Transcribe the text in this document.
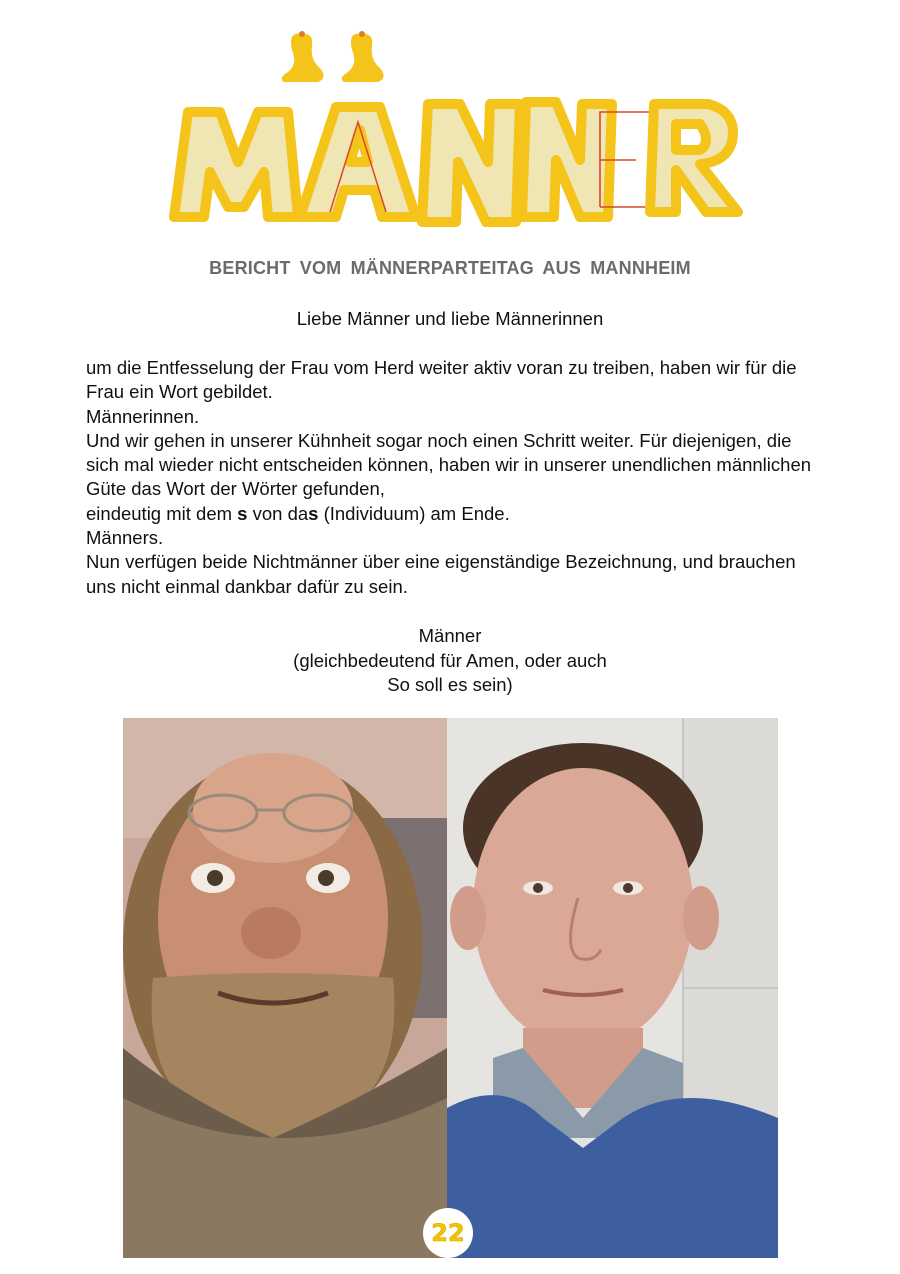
BERICHT VOM MÄNNERPARTEITAG AUS MANNHEIM
Liebe Männer und liebe Männerinnen

um die Entfesselung der Frau vom Herd weiter aktiv voran zu treiben, haben wir für die Frau ein Wort gebildet.

Männerinnen.

Und wir gehen in unserer Kühnheit sogar noch einen Schritt weiter. Für diejenigen, die sich mal wieder nicht entscheiden können, haben wir in unserer unendlichen männlichen Güte das Wort der Wörter gefunden,

eindeutig mit dem s von das (Individuum) am Ende.

Männers.

Nun verfügen beide Nichtmänner über eine eigenständige Bezeichnung, und brauchen uns nicht einmal dankbar dafür zu sein.

Männer

(gleichbedeutend für Amen, oder auch

So soll es sein)

22
